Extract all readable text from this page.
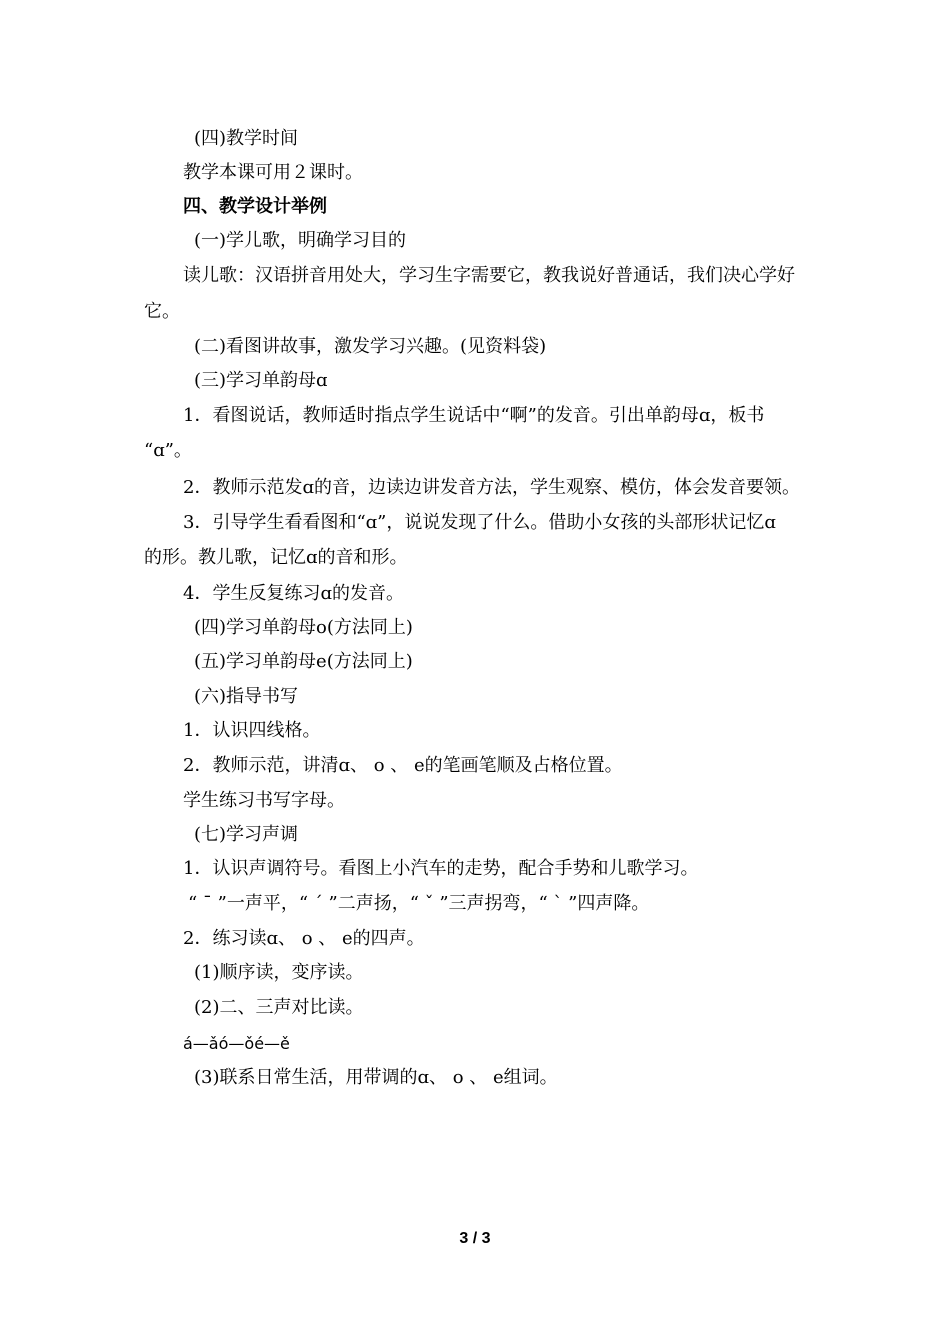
(四)教学时间
教学本课可用２课时。
四、教学设计举例
(一)学儿歌，明确学习目的
读儿歌：汉语拼音用处大，学习生字需要它，教我说好普通话，我们决心学好
它。
(二)看图讲故事，激发学习兴趣。(见资料袋)
(三)学习单韵母ɑ
1．看图说话，教师适时指点学生说话中“啊”的发音。引出单韵母ɑ，板书
“ɑ”。
2．教师示范发ɑ的音，边读边讲发音方法，学生观察、模仿，体会发音要领。
3．引导学生看看图和“ɑ”，说说发现了什么。借助小女孩的头部形状记忆ɑ
的形。教儿歌，记忆ɑ的音和形。
4．学生反复练习ɑ的发音。
(四)学习单韵母o(方法同上)
(五)学习单韵母e(方法同上)
(六)指导书写
1．认识四线格。
2．教师示范，讲清ɑ、 o 、 e的笔画笔顺及占格位置。
学生练习书写字母。
(七)学习声调
1．认识声调符号。看图上小汽车的走势，配合手势和儿歌学习。
“ ˉ ”一声平，“ ˊ ”二声扬，“ ˇ ”三声拐弯，“ ˋ ”四声降。
2．练习读ɑ、 o 、 e的四声。
(1)顺序读，变序读。
(2)二、三声对比读。
á—ǎó—ǒé—ě
(3)联系日常生活，用带调的ɑ、 o 、 e组词。
3 / 3
